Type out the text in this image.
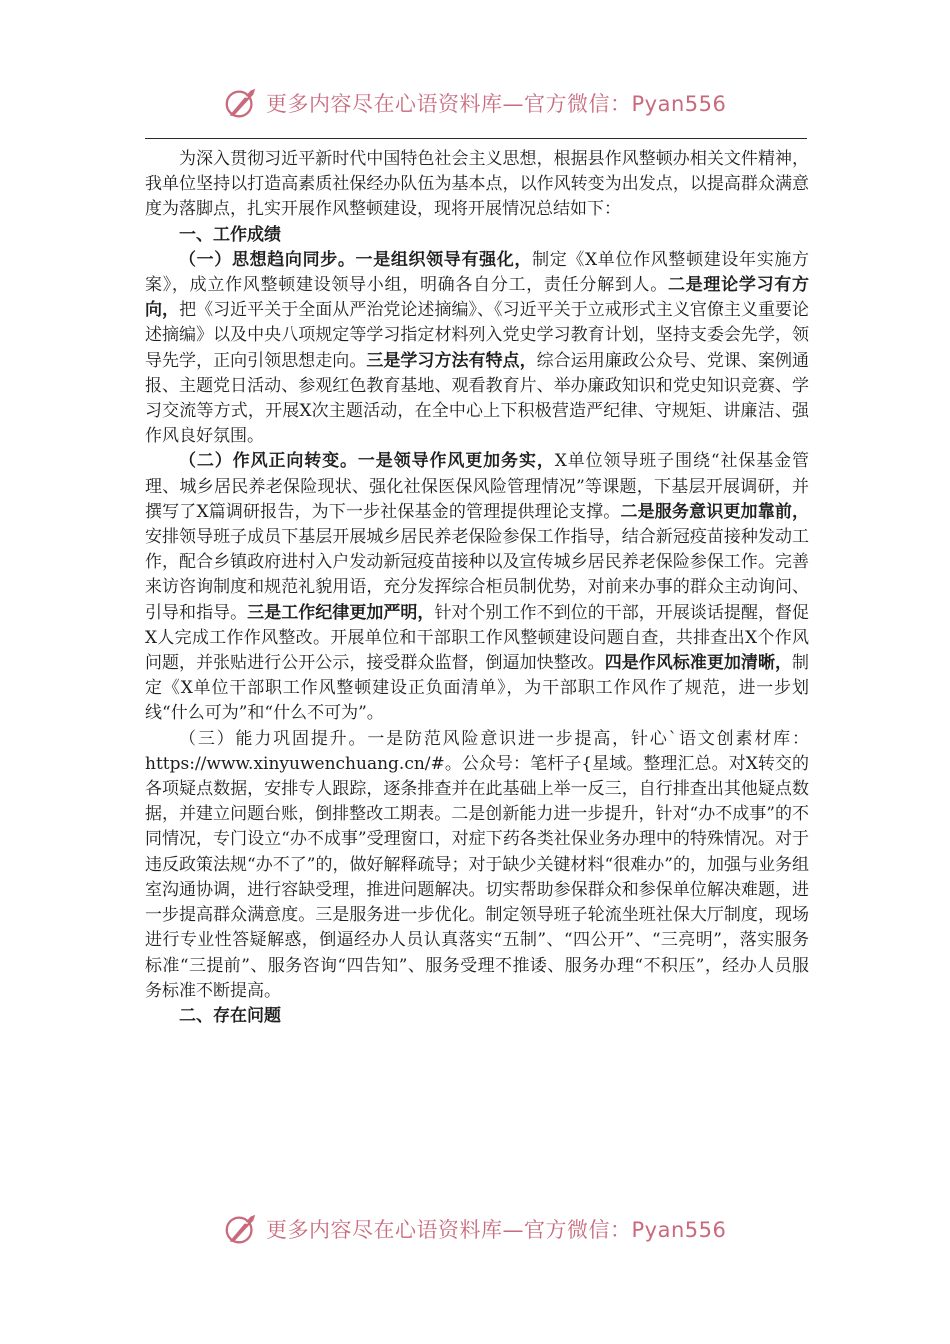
更多内容尽在心语资料库—官方微信：Pyan556

为深入贯彻习近平新时代中国特色社会主义思想，根据县作风整顿办相关文件精神，我单位坚持以打造高素质社保经办队伍为基本点，以作风转变为出发点，以提高群众满意度为落脚点，扎实开展作风整顿建设，现将开展情况总结如下：

一、工作成绩

（一）思想趋向同步。一是组织领导有强化，制定《X单位作风整顿建设年实施方案》，成立作风整顿建设领导小组，明确各自分工，责任分解到人。二是理论学习有方向，把《习近平关于全面从严治党论述摘编》、《习近平关于立戒形式主义官僚主义重要论述摘编》以及中央八项规定等学习指定材料列入党史学习教育计划，坚持支委会先学，领导先学，正向引领思想走向。三是学习方法有特点，综合运用廉政公众号、党课、案例通报、主题党日活动、参观红色教育基地、观看教育片、举办廉政知识和党史知识竞赛、学习交流等方式，开展X次主题活动，在全中心上下积极营造严纪律、守规矩、讲廉洁、强作风良好氛围。

（二）作风正向转变。一是领导作风更加务实，X单位领导班子围绕“社保基金管理、城乡居民养老保险现状、强化社保医保风险管理情况”等课题，下基层开展调研，并撰写了X篇调研报告，为下一步社保基金的管理提供理论支撑。二是服务意识更加靠前，安排领导班子成员下基层开展城乡居民养老保险参保工作指导，结合新冠疫苗接种发动工作，配合乡镇政府进村入户发动新冠疫苗接种以及宣传城乡居民养老保险参保工作。完善来访咨询制度和规范礼貌用语，充分发挥综合柜员制优势，对前来办事的群众主动询问、引导和指导。三是工作纪律更加严明，针对个别工作不到位的干部，开展谈话提醒，督促X人完成工作作风整改。开展单位和干部职工作风整顿建设问题自查，共排查出X个作风问题，并张贴进行公开公示，接受群众监督，倒逼加快整改。四是作风标准更加清晰，制定《X单位干部职工作风整顿建设正负面清单》，为干部职工作风作了规范，进一步划线“什么可为”和“什么不可为”。

（三）能力巩固提升。一是防范风险意识进一步提高，针心`语文创素材库：https://www.xinyuwenchuang.cn/#。公众号：笔杆子{星域。整理汇总。对X转交的各项疑点数据，安排专人跟踪，逐条排查并在此基础上举一反三，自行排查出其他疑点数据，并建立问题台账，倒排整改工期表。二是创新能力进一步提升，针对“办不成事”的不同情况，专门设立“办不成事”受理窗口，对症下药各类社保业务办理中的特殊情况。对于违反政策法规“办不了”的，做好解释疏导；对于缺少关键材料“很难办”的，加强与业务组室沟通协调，进行容缺受理，推进问题解决。切实帮助参保群众和参保单位解决难题，进一步提高群众满意度。三是服务进一步优化。制定领导班子轮流坐班社保大厅制度，现场进行专业性答疑解惑，倒逼经办人员认真落实“五制”、“四公开”、“三亮明”，落实服务标准“三提前”、服务咨询“四告知”、服务受理不推诿、服务办理“不积压”，经办人员服务标准不断提高。

二、存在问题

更多内容尽在心语资料库—官方微信：Pyan556
